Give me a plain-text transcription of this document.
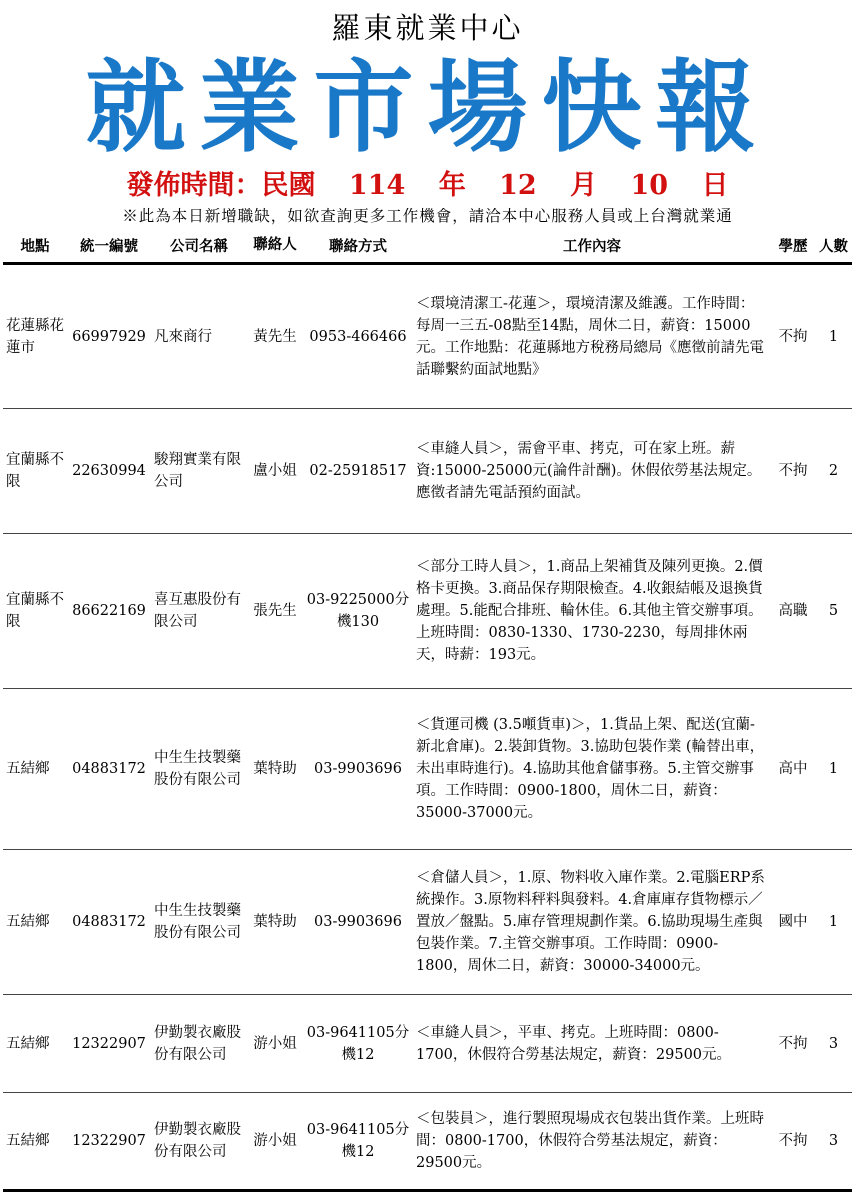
羅東就業中心
就業市場快報
發佈時間：民國 114 年 12 月 10 日
※此為本日新增職缺，如欲查詢更多工作機會，請洽本中心服務人員或上台灣就業通
地點	統一編號	公司名稱	聯絡人	聯絡方式	工作內容	學歷	人數
花蓮縣花蓮市	66997929	凡來商行	黃先生	0953-466466	＜環境清潔工-花蓮＞，環境清潔及維護。工作時間：每周一三五-08點至14點，周休二日，薪資：15000元。工作地點：花蓮縣地方稅務局總局《應徵前請先電話聯繫約面試地點》	不拘	1
宜蘭縣不限	22630994	駿翔實業有限公司	盧小姐	02-25918517	＜車縫人員＞，需會平車、拷克，可在家上班。薪資:15000-25000元(論件計酬)。休假依勞基法規定。應徵者請先電話預約面試。	不拘	2
宜蘭縣不限	86622169	喜互惠股份有限公司	張先生	03-9225000分機130	＜部分工時人員＞，1.商品上架補貨及陳列更換。2.價格卡更換。3.商品保存期限檢查。4.收銀結帳及退換貨處理。5.能配合排班、輪休佳。6.其他主管交辦事項。上班時間：0830-1330、1730-2230，每周排休兩天，時薪：193元。	高職	5
五結鄉	04883172	中生生技製藥股份有限公司	葉特助	03-9903696	＜貨運司機 (3.5噸貨車)＞，1.貨品上架、配送(宜蘭-新北倉庫)。2.裝卸貨物。3.協助包裝作業 (輪替出車，未出車時進行)。4.協助其他倉儲事務。5.主管交辦事項。工作時間：0900-1800，周休二日，薪資：35000-37000元。	高中	1
五結鄉	04883172	中生生技製藥股份有限公司	葉特助	03-9903696	＜倉儲人員＞，1.原、物料收入庫作業。2.電腦ERP系統操作。3.原物料秤料與發料。4.倉庫庫存貨物標示／置放／盤點。5.庫存管理規劃作業。6.協助現場生產與包裝作業。7.主管交辦事項。工作時間：0900-1800，周休二日，薪資：30000-34000元。	國中	1
五結鄉	12322907	伊勤製衣廠股份有限公司	游小姐	03-9641105分機12	＜車縫人員＞，平車、拷克。上班時間：0800-1700，休假符合勞基法規定，薪資：29500元。	不拘	3
五結鄉	12322907	伊勤製衣廠股份有限公司	游小姐	03-9641105分機12	＜包裝員＞，進行製照現場成衣包裝出貨作業。上班時間：0800-1700，休假符合勞基法規定，薪資：29500元。	不拘	3
